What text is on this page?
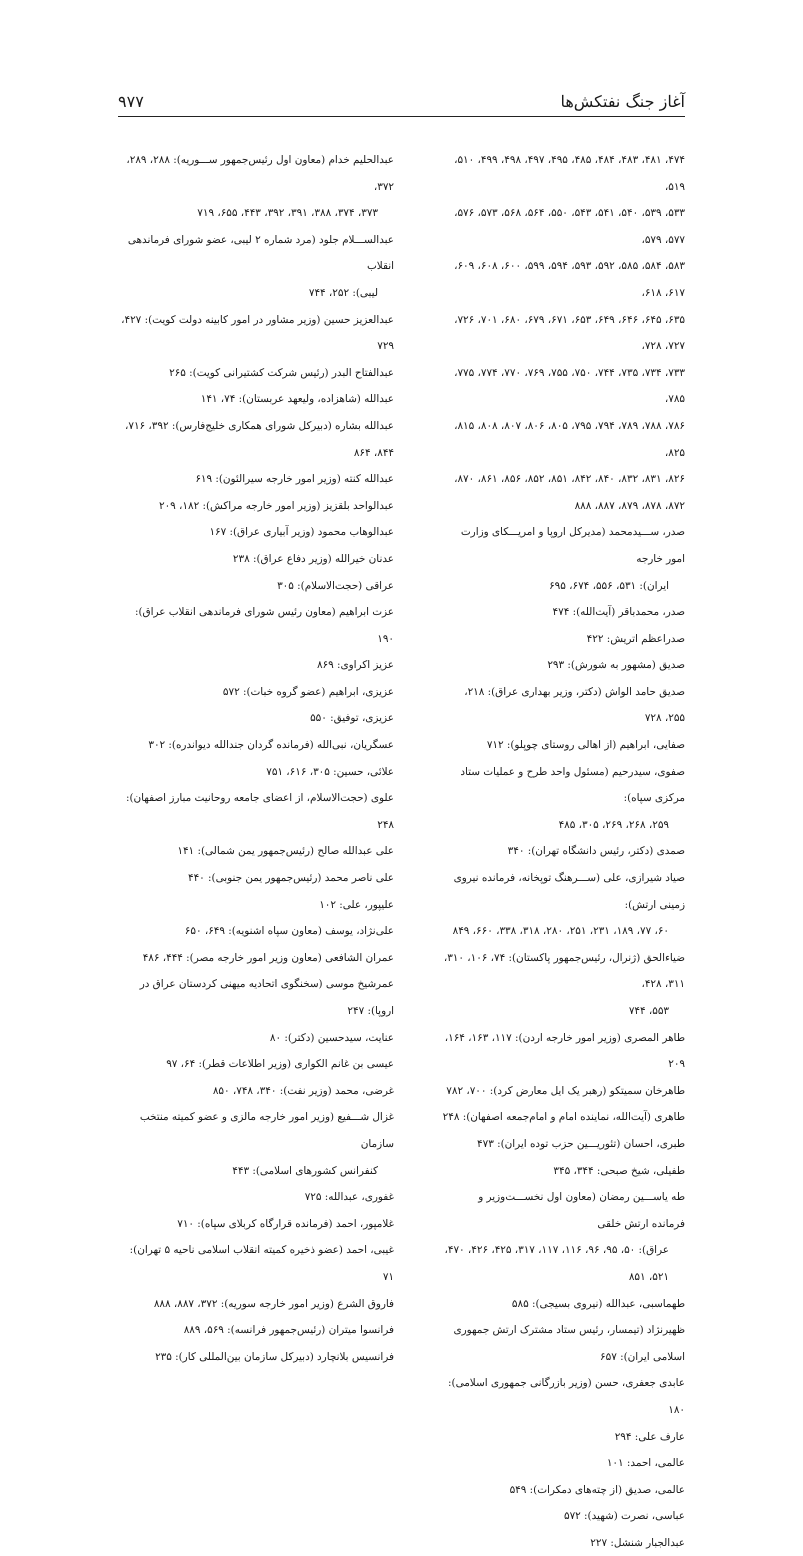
آغاز جنگ نفتکش‌ها
۹۷۷
۴۷۴، ۴۸۱، ۴۸۳، ۴۸۴، ۴۸۵، ۴۹۵، ۴۹۷، ۴۹۸، ۴۹۹، ۵۱۰، ۵۱۹،
۵۳۳، ۵۳۹، ۵۴۰، ۵۴۱، ۵۴۳، ۵۵۰، ۵۶۴، ۵۶۸، ۵۷۳، ۵۷۶، ۵۷۷، ۵۷۹،
۵۸۳، ۵۸۴، ۵۸۵، ۵۹۲، ۵۹۳، ۵۹۴، ۵۹۹، ۶۰۰، ۶۰۸، ۶۰۹، ۶۱۷، ۶۱۸،
۶۳۵، ۶۴۵، ۶۴۶، ۶۴۹، ۶۵۳، ۶۷۱، ۶۷۹، ۶۸۰، ۷۰۱، ۷۲۶، ۷۲۷، ۷۲۸،
۷۳۳، ۷۳۴، ۷۳۵، ۷۴۴، ۷۵۰، ۷۵۵، ۷۶۹، ۷۷۰، ۷۷۴، ۷۷۵، ۷۸۵،
۷۸۶، ۷۸۸، ۷۸۹، ۷۹۴، ۷۹۵، ۸۰۵، ۸۰۶، ۸۰۷، ۸۰۸، ۸۱۵، ۸۲۵،
۸۲۶، ۸۳۱، ۸۳۲، ۸۴۰، ۸۴۲، ۸۵۱، ۸۵۲، ۸۵۶، ۸۶۱، ۸۷۰،
۸۷۲، ۸۷۸، ۸۷۹، ۸۸۷، ۸۸۸
صدر، ســـیدمحمد (مدیرکل اروپا و امریـــکای وزارت امور خارجه
ایران): ۵۳۱، ۵۵۶، ۶۷۴، ۶۹۵
صدر، محمدباقر (آیت‌الله): ۴۷۴
صدراعظم اتریش: ۴۲۲
صدیق (مشهور به شورش): ۲۹۳
صدیق حامد الواش (دکتر، وزیر بهداری عراق): ۲۱۸، ۲۵۵، ۷۲۸
صفایی، ابراهیم (از اهالی روستای چوپلو): ۷۱۲
صفوی، سیدرحیم (مسئول واحد طرح و عملیات ستاد مرکزی سپاه):
۲۵۹، ۲۶۸، ۲۶۹، ۳۰۵، ۴۸۵
صمدی (دکتر، رئیس دانشگاه تهران): ۳۴۰
صیاد شیرازی، علی (ســـرهنگ توپخانه، فرمانده نیروی زمینی ارتش):
۶۰، ۷۷، ۱۸۹، ۲۳۱، ۲۵۱، ۲۸۰، ۳۱۸، ۳۳۸، ۶۶۰، ۸۴۹
ضیاءالحق (ژنرال، رئیس‌جمهور پاکستان): ۷۴، ۱۰۶، ۳۱۰، ۳۱۱، ۴۲۸،
۵۵۳، ۷۴۴
طاهر المصری (وزیر امور خارجه اردن): ۱۱۷، ۱۶۳، ۱۶۴، ۲۰۹
طاهرخان سمیتکو (رهبر یک ایل معارض کرد): ۷۰۰، ۷۸۲
طاهری (آیت‌الله، نماینده امام و امام‌جمعه اصفهان): ۲۴۸
طبری، احسان (تئوریـــین حزب توده ایران): ۴۷۳
طفیلی، شیخ صبحی: ۳۴۴، ۳۴۵
طه یاســـین رمضان (معاون اول نخســـت‌وزیر و فرمانده ارتش خلقی
عراق): ۵۰، ۹۵، ۹۶، ۱۱۶، ۱۱۷، ۳۱۷، ۴۲۵، ۴۲۶، ۴۷۰، ۵۲۱، ۸۵۱
طهماسبی، عبدالله (نیروی بسیجی): ۵۸۵
ظهیرنژاد (تیمسار، رئیس ستاد مشترک ارتش جمهوری اسلامی ایران): ۶۵۷
عابدی جعفری، حسن (وزیر بازرگانی جمهوری اسلامی): ۱۸۰
عارف علی: ۲۹۴
عالمی، احمد: ۱۰۱
عالمی، صدیق (از چته‌های دمکرات): ۵۴۹
عباسی، نصرت (شهید): ۵۷۲
عبدالجبار شنشل: ۲۲۷
عبدالحلیم خدام (معاون اول رئیس‌جمهور ســـوریه): ۲۸۸، ۲۸۹، ۳۷۲،
۳۷۳، ۳۷۴، ۳۸۸، ۳۹۱، ۳۹۲، ۴۴۳، ۶۵۵، ۷۱۹
عبدالســـلام جلود (مرد شماره ۲ لیبی، عضو شورای فرماندهی انقلاب
لیبی): ۲۵۲، ۷۴۴
عبدالعزیز حسین (وزیر مشاور در امور کابینه دولت کویت): ۴۲۷، ۷۲۹
عبدالفتاح البدر (رئیس شرکت کشتیرانی کویت): ۲۶۵
عبدالله (شاهزاده، ولیعهد عربستان): ۷۴، ۱۴۱
عبدالله بشاره (دبیرکل شورای همکاری خلیج‌فارس): ۳۹۲، ۷۱۶، ۸۴۴، ۸۶۴
عبدالله کنته (وزیر امور خارجه سیرالئون): ۶۱۹
عبدالواحد بلقزیز (وزیر امور خارجه مراکش): ۱۸۲، ۲۰۹
عبدالوهاب محمود (وزیر آبیاری عراق): ۱۶۷
عدنان خیرالله (وزیر دفاع عراق): ۲۳۸
عراقی (حجت‌الاسلام): ۳۰۵
عزت ابراهیم (معاون رئیس شورای فرماندهی انقلاب عراق): ۱۹۰
عزیز اکراوی: ۸۶۹
عزیزی، ابراهیم (عضو گروه خبات): ۵۷۲
عزیزی، توفیق: ۵۵۰
عسگریان، نبی‌الله (فرمانده گردان جندالله دیواندره): ۳۰۲
علائی، حسین: ۳۰۵، ۶۱۶، ۷۵۱
علوی (حجت‌الاسلام، از اعضای جامعه روحانیت مبارز اصفهان): ۲۴۸
علی عبدالله صالح (رئیس‌جمهور یمن شمالی): ۱۴۱
علی ناصر محمد (رئیس‌جمهور یمن جنوبی): ۴۴۰
علیپور، علی: ۱۰۲
علی‌نژاد، یوسف (معاون سپاه اشنویه): ۶۴۹، ۶۵۰
عمران الشافعی (معاون وزیر امور خارجه مصر): ۴۴۴، ۴۸۶
عمرشیخ موسی (سخنگوی اتحادیه میهنی کردستان عراق در اروپا): ۲۴۷
عنایت، سیدحسین (دکتر): ۸۰
عیسی بن غانم الکواری (وزیر اطلاعات قطر): ۶۴، ۹۷
غرضی، محمد (وزیر نفت): ۳۴۰، ۷۴۸، ۸۵۰
غزال شـــفیع (وزیر امور خارجه مالزی و عضو کمیته منتخب سازمان
کنفرانس کشورهای اسلامی): ۴۴۳
غفوری، عبدالله: ۷۲۵
غلامپور، احمد (فرمانده قرارگاه کربلای سپاه): ۷۱۰
غیبی، احمد (عضو ذخیره کمیته انقلاب اسلامی ناحیه ۵ تهران): ۷۱
فاروق الشرع (وزیر امور خارجه سوریه): ۳۷۲، ۸۸۷، ۸۸۸
فرانسوا میتران (رئیس‌جمهور فرانسه): ۵۶۹، ۸۸۹
فرانسیس بلانچارد (دبیرکل سازمان بین‌المللی کار): ۲۳۵
